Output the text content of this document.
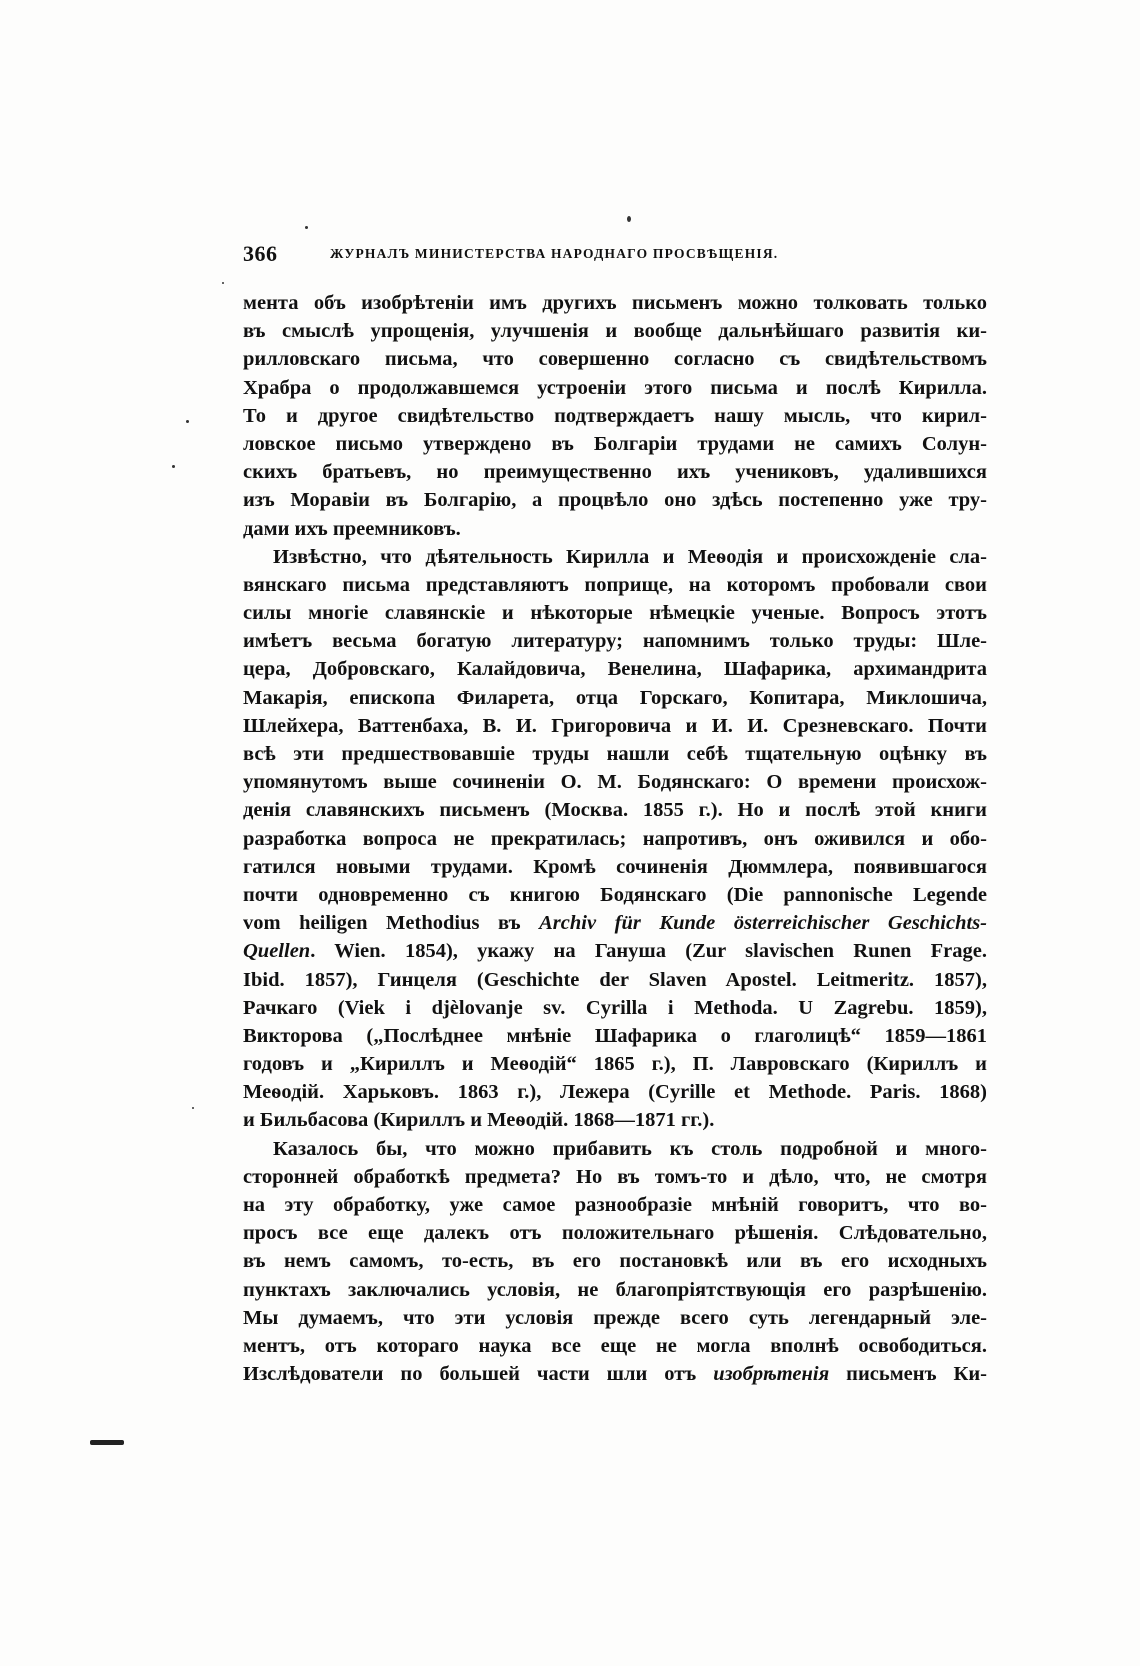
366	ЖУРНАЛЪ МИНИСТЕРСТВА НАРОДНАГО ПРОСВѢЩЕНІЯ.
мента объ изобрѣтеніи имъ другихъ письменъ можно толковать только
въ смыслѣ упрощенія, улучшенія и вообще дальнѣйшаго развитія ки-
рилловскаго письма, что совершенно согласно съ свидѣтельствомъ
Храбра о продолжавшемся устроеніи этого письма и послѣ Кирилла.
То и другое свидѣтельство подтверждаетъ нашу мысль, что кирил-
ловское письмо утверждено въ Болгаріи трудами не самихъ Солун-
скихъ братьевъ, но преимущественно ихъ учениковъ, удалившихся
изъ Моравіи въ Болгарію, а процвѣло оно здѣсь постепенно уже тру-
дами ихъ преемниковъ.
Извѣстно, что дѣятельность Кирилла и Меѳодія и происхожденіе сла-
вянскаго письма представляютъ поприще, на которомъ пробовали свои
силы многіе славянскіе и нѣкоторые нѣмецкіе ученые. Вопросъ этотъ
имѣетъ весьма богатую литературу; напомнимъ только труды: Шле-
цера, Добровскаго, Калайдовича, Венелина, Шафарика, архимандрита
Макарія, епископа Филарета, отца Горскаго, Копитара, Миклошича,
Шлейхера, Ваттенбаха, В. И. Григоровича и И. И. Срезневскаго. Почти
всѣ эти предшествовавшіе труды нашли себѣ тщательную оцѣнку въ
упомянутомъ выше сочиненіи О. М. Бодянскаго: О времени происхож-
денія славянскихъ письменъ (Москва. 1855 г.). Но и послѣ этой книги
разработка вопроса не прекратилась; напротивъ, онъ оживился и обо-
гатился новыми трудами. Кромѣ сочиненія Дюммлера, появившагося
почти одновременно съ книгою Бодянскаго (Die pannonische Legende
vom heiligen Methodius въ Archiv für Kunde österreichischer Geschichts-
Quellen. Wien. 1854), укажу на Гануша (Zur slavischen Runen Frage.
Ibid. 1857), Гинцеля (Geschichte der Slaven Apostel. Leitmeritz. 1857),
Рачкаго (Viek i djèlovanje sv. Cyrilla i Methoda. U Zagrebu. 1859),
Викторова („Послѣднее мнѣніе Шафарика о глаголицѣ“ 1859—1861
годовъ и „Кириллъ и Меѳодій“ 1865 г.), П. Лавровскаго (Кириллъ и
Меѳодій. Харьковъ. 1863 г.), Лежера (Cyrille et Methode. Paris. 1868)
и Бильбасова (Кириллъ и Меѳодій. 1868—1871 гг.).
Казалось бы, что можно прибавить къ столь подробной и много-
сторонней обработкѣ предмета? Но въ томъ-то и дѣло, что, не смотря
на эту обработку, уже самое разнообразіе мнѣній говоритъ, что во-
просъ все еще далекъ отъ положительнаго рѣшенія. Слѣдовательно,
въ немъ самомъ, то-есть, въ его постановкѣ или въ его исходныхъ
пунктахъ заключались условія, не благопріятствующія его разрѣшенію.
Мы думаемъ, что эти условія прежде всего суть легендарный эле-
ментъ, отъ котораго наука все еще не могла вполнѣ освободиться.
Изслѣдователи по большей части шли отъ изобрѣтенія письменъ Ки-
